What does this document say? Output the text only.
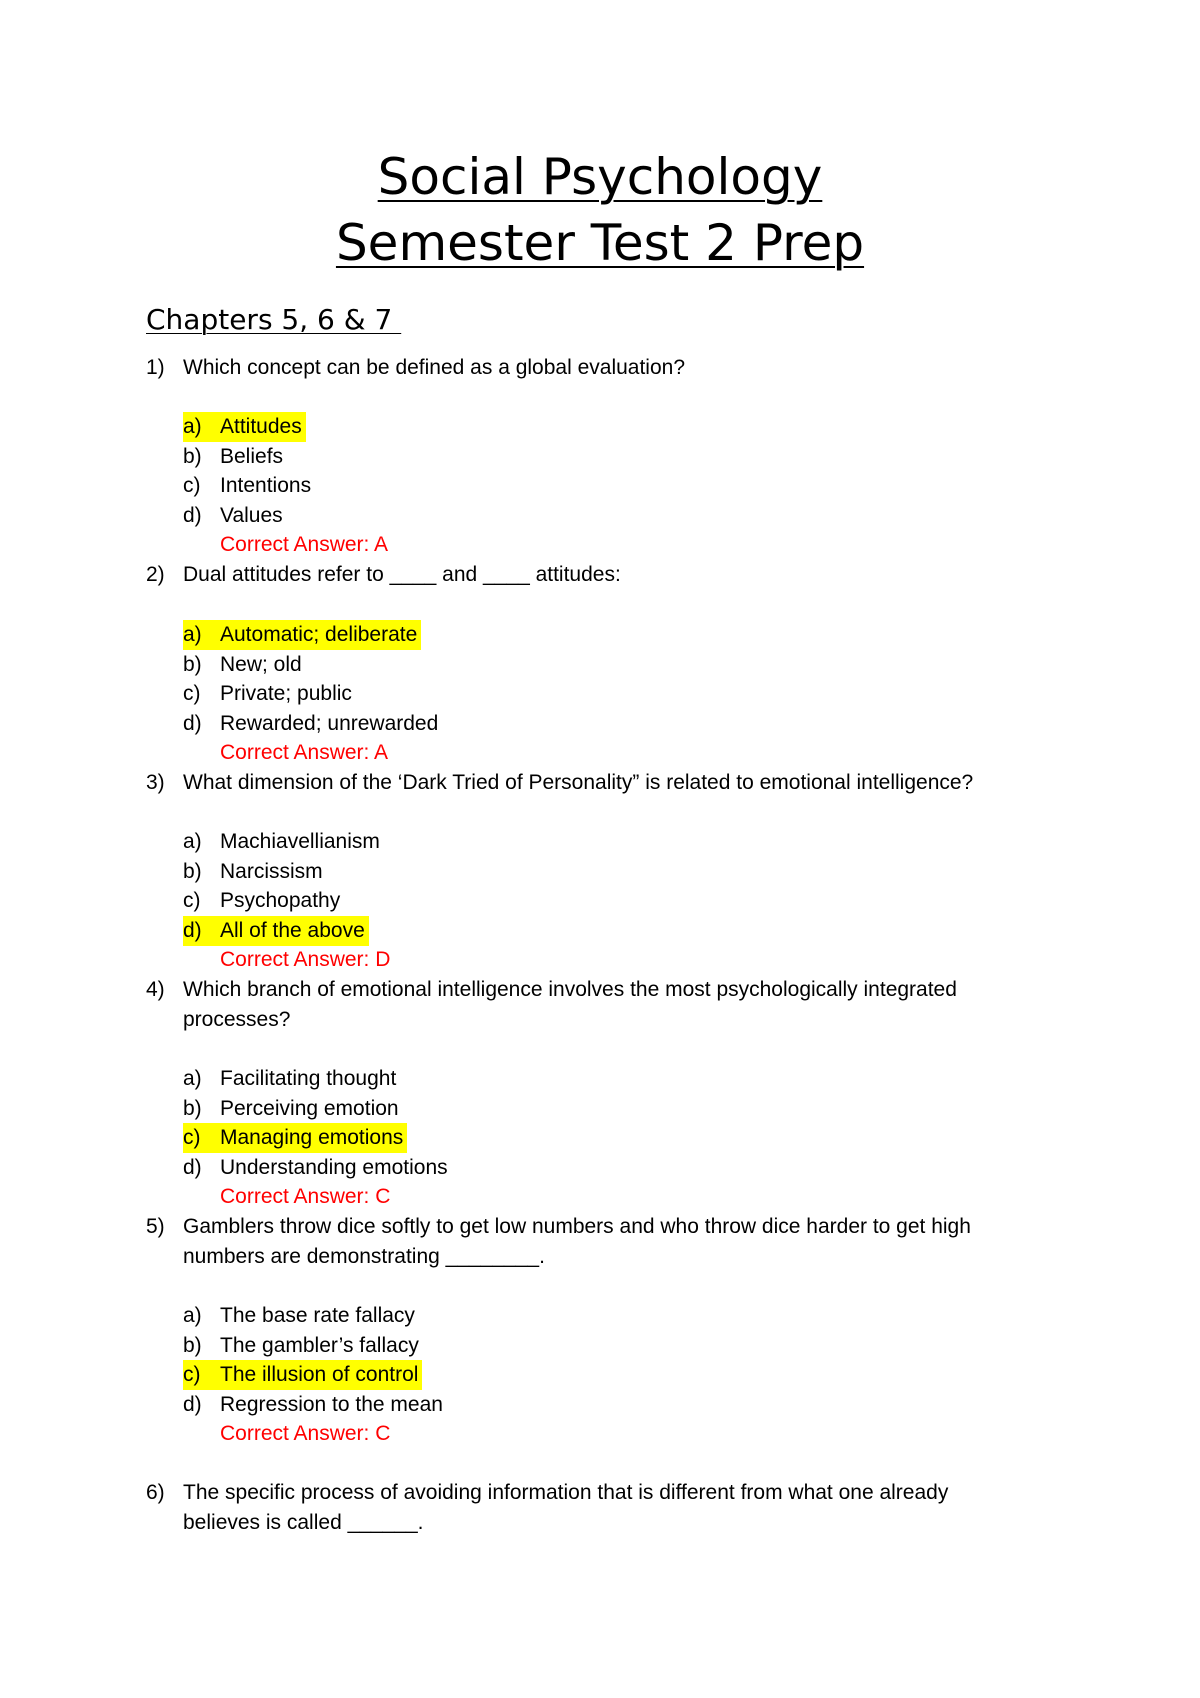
Social Psychology
Semester Test 2 Prep
Chapters 5, 6 & 7
1) Which concept can be defined as a global evaluation?
a) Attitudes
b) Beliefs
c) Intentions
d) Values
Correct Answer: A
2) Dual attitudes refer to ____ and ____ attitudes:
a) Automatic; deliberate
b) New; old
c) Private; public
d) Rewarded; unrewarded
Correct Answer: A
3) What dimension of the ‘Dark Tried of Personality” is related to emotional intelligence?
a) Machiavellianism
b) Narcissism
c) Psychopathy
d) All of the above
Correct Answer: D
4) Which branch of emotional intelligence involves the most psychologically integrated
processes?
a) Facilitating thought
b) Perceiving emotion
c) Managing emotions
d) Understanding emotions
Correct Answer: C
5) Gamblers throw dice softly to get low numbers and who throw dice harder to get high
numbers are demonstrating ________.
a) The base rate fallacy
b) The gambler’s fallacy
c) The illusion of control
d) Regression to the mean
Correct Answer: C
6) The specific process of avoiding information that is different from what one already
believes is called ______.
